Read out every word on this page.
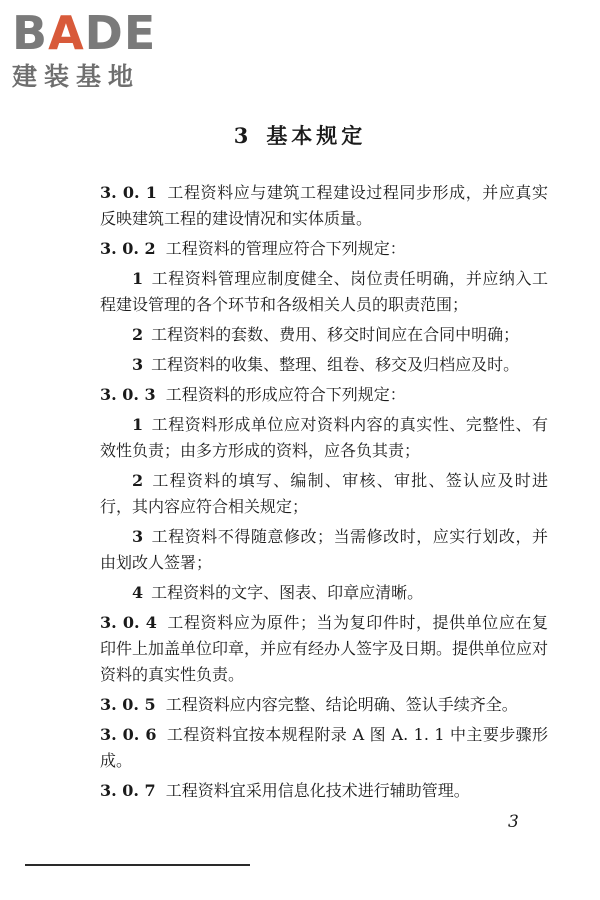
BADE
建装基地
3 基本规定

3. 0. 1 工程资料应与建筑工程建设过程同步形成，并应真实反映建筑工程的建设情况和实体质量。

3. 0. 2 工程资料的管理应符合下列规定：

1 工程资料管理应制度健全、岗位责任明确，并应纳入工程建设管理的各个环节和各级相关人员的职责范围；

2 工程资料的套数、费用、移交时间应在合同中明确；

3 工程资料的收集、整理、组卷、移交及归档应及时。

3. 0. 3 工程资料的形成应符合下列规定：

1 工程资料形成单位应对资料内容的真实性、完整性、有效性负责；由多方形成的资料，应各负其责；

2 工程资料的填写、编制、审核、审批、签认应及时进行，其内容应符合相关规定；

3 工程资料不得随意修改；当需修改时，应实行划改，并由划改人签署；

4 工程资料的文字、图表、印章应清晰。

3. 0. 4 工程资料应为原件；当为复印件时，提供单位应在复印件上加盖单位印章，并应有经办人签字及日期。提供单位应对资料的真实性负责。

3. 0. 5 工程资料应内容完整、结论明确、签认手续齐全。

3. 0. 6 工程资料宜按本规程附录 A 图 A. 1. 1 中主要步骤形成。

3. 0. 7 工程资料宜采用信息化技术进行辅助管理。

3
